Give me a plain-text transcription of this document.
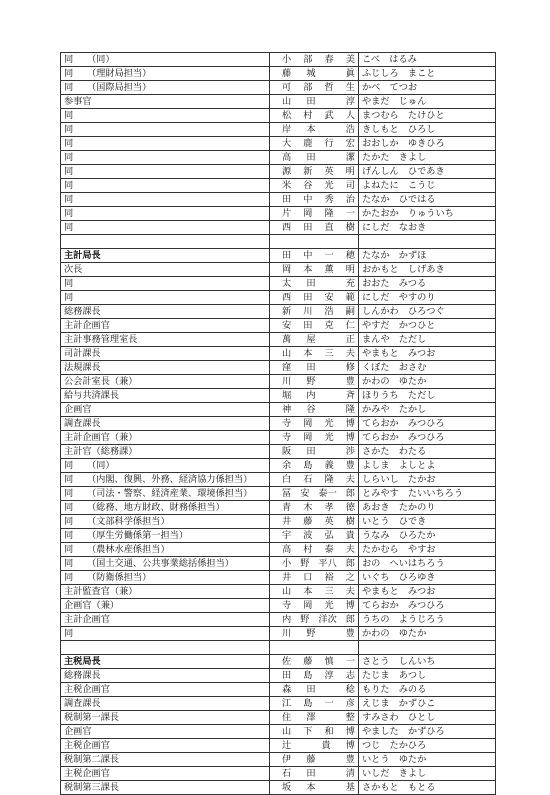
同　　（同）	小 部 春 美	こべ　はるみ
同　　（理財局担当）	藤 城 眞	ふじしろ　まこと
同　　（国際局担当）	可 部 哲 生	かべ　てつお
参事官	山 田 淳	やまだ　じゅん
同	松 村 武 人	まつむら　たけひと
同	岸 本 浩	きしもと　ひろし
同	大 鹿 行 宏	おおしか　ゆきひろ
同	高 田 潔	たかた　きよし
同	源 新 英 明	げんしん　ひであき
同	米 谷 光 司	よねたに　こうじ
同	田 中 秀 治	たなか　ひではる
同	片 岡 隆 一	かたおか　りゅういち
同	西 田 直 樹	にしだ　なおき

主計局長	田 中 一 穂	たなか　かずほ
次長	岡 本 薫 明	おかもと　しげあき
同	太 田 充	おおた　みつる
同	西 田 安 範	にしだ　やすのり
総務課長	新 川 浩 嗣	しんかわ　ひろつぐ
主計企画官	安 田 克 仁	やすだ　かつひと
主計事務管理室長	萬 屋 正	まんや　ただし
司計課長	山 本 三 夫	やまもと　みつお
法規課長	窪 田 修	くぼた　おさむ
公会計室長（兼）	川 野 豊	かわの　ゆたか
給与共済課長	堀 内 斉	ほりうち　ただし
企画官	神 谷 隆	かみや　たかし
調査課長	寺 岡 光 博	てらおか　みつひろ
主計企画官（兼）	寺 岡 光 博	てらおか　みつひろ
主計官（総務課）	阪 田 渉	さかた　わたる
同　　（同）	余 島 義 豊	よしま　よしとよ
同　　（内閣、復興、外務、経済協力係担当）	白 石 隆 夫	しらいし　たかお
同　　（司法・警察、経済産業、環境係担当）	冨 安 泰一 郎	とみやす　たいいちろう
同　　（総務、地方財政、財務係担当）	青 木 孝 徳	あおき　たかのり
同　　（文部科学係担当）	井 藤 英 樹	いとう　ひでき
同　　（厚生労働係第一担当）	宇 波 弘 貴	うなみ　ひろたか
同　　（農林水産係担当）	高 村 泰 夫	たかむら　やすお
同　　（国土交通、公共事業総括係担当）	小 野 平八 郎	おの　へいはちろう
同　　（防衛係担当）	井 口 裕 之	いぐち　ひろゆき
主計監査官（兼）	山 本 三 夫	やまもと　みつお
企画官（兼）	寺 岡 光 博	てらおか　みつひろ
主計企画官	内 野 洋次 郎	うちの　ようじろう
同	川 野 豊	かわの　ゆたか

主税局長	佐 藤 慎 一	さとう　しんいち
総務課長	田 島 淳 志	たじま　あつし
主税企画官	森 田 稔	もりた　みのる
調査課長	江 島 一 彦	えじま　かずひこ
税制第一課長	住 澤 整	すみさわ　ひとし
企画官	山 下 和 博	やました　かずひろ
主税企画官	辻 貴 博	つじ　たかひろ
税制第二課長	伊 藤 豊	いとう　ゆたか
主税企画官	石 田 清	いしだ　きよし
税制第三課長	坂 本 基	さかもと　もとる
